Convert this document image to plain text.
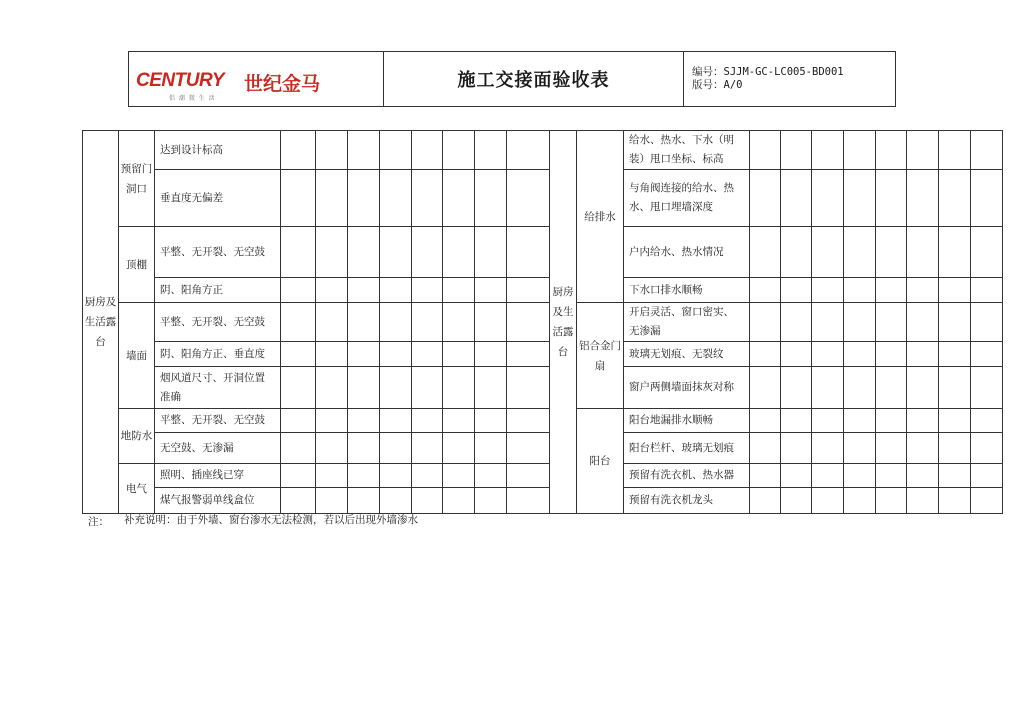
CENTURY 世纪金马
倡 潮 微 生 活
施工交接面验收表	编号：SJJM-GC-LC005-BD001
版号：A/0
厨房及生活露台	预留门洞口	达到设计标高									厨房及生活露台	给排水	给水、热水、下水（明装）甩口坐标、标高								
		垂直度无偏差											与角阀连接的给水、热水、甩口埋墙深度								
	顶棚	平整、无开裂、无空鼓											户内给水、热水情况								
		阴、阳角方正											下水口排水顺畅								
	墙面	平整、无开裂、无空鼓										铝合金门扇	开启灵活、窗口密实、无渗漏								
		阴、阳角方正、垂直度											玻璃无划痕、无裂纹								
		烟风道尺寸、开洞位置准确											窗户两侧墙面抹灰对称								
	地防水	平整、无开裂、无空鼓										阳台	阳台地漏排水顺畅								
		无空鼓、无渗漏											阳台栏杆、玻璃无划痕								
	电气	照明、插座线已穿											预留有洗衣机、热水器								
		煤气报警弱单线盒位											预留有洗衣机龙头								
注： 补充说明：由于外墙、窗台渗水无法检测，若以后出现外墙渗水
